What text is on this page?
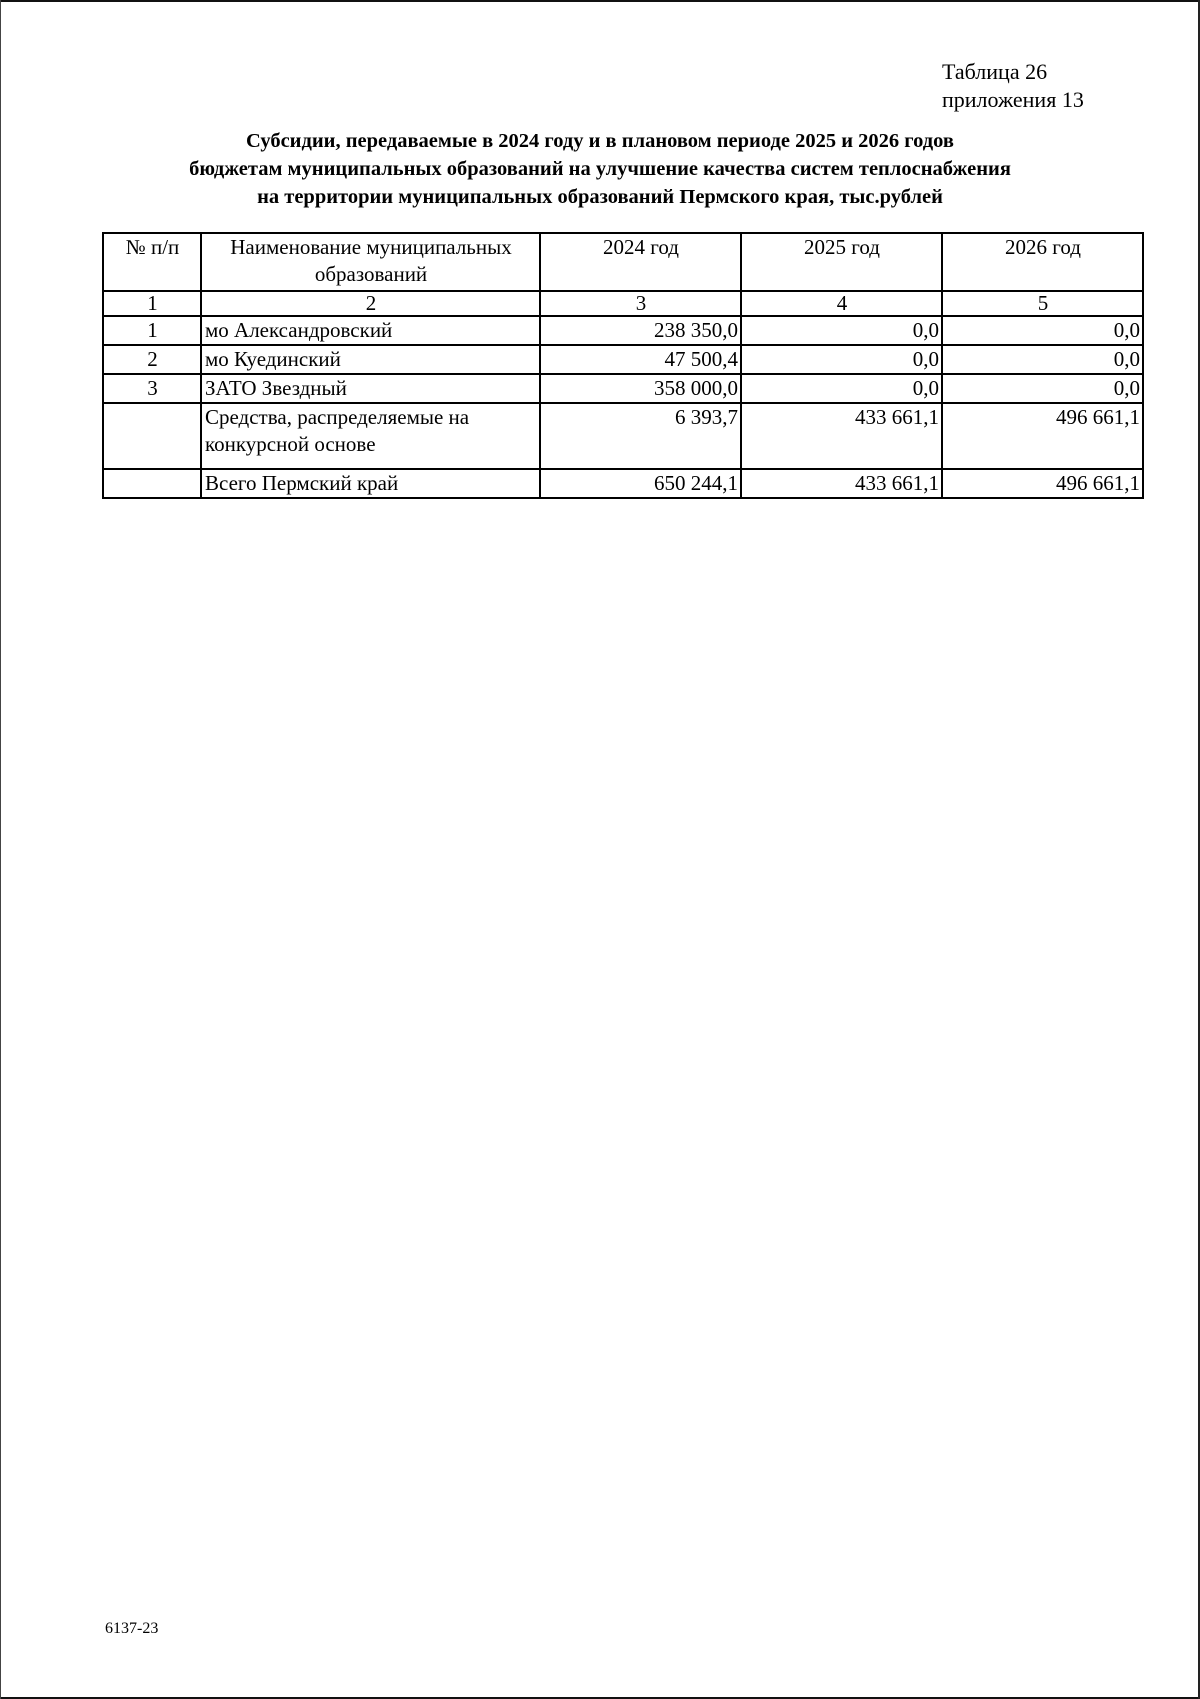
Таблица 26
приложения 13
Субсидии, передаваемые в 2024 году и в плановом периоде 2025 и 2026 годов
бюджетам муниципальных образований на улучшение качества систем теплоснабжения
на территории муниципальных образований Пермского края, тыс.рублей
№ п/п	Наименование муниципальных образований	2024 год	2025 год	2026 год
1	2	3	4	5
1	мо Александровский	238 350,0	0,0	0,0
2	мо Куединский	47 500,4	0,0	0,0
3	ЗАТО Звездный	358 000,0	0,0	0,0
	Средства, распределяемые на конкурсной основе	6 393,7	433 661,1	496 661,1
	Всего Пермский край	650 244,1	433 661,1	496 661,1
6137-23
